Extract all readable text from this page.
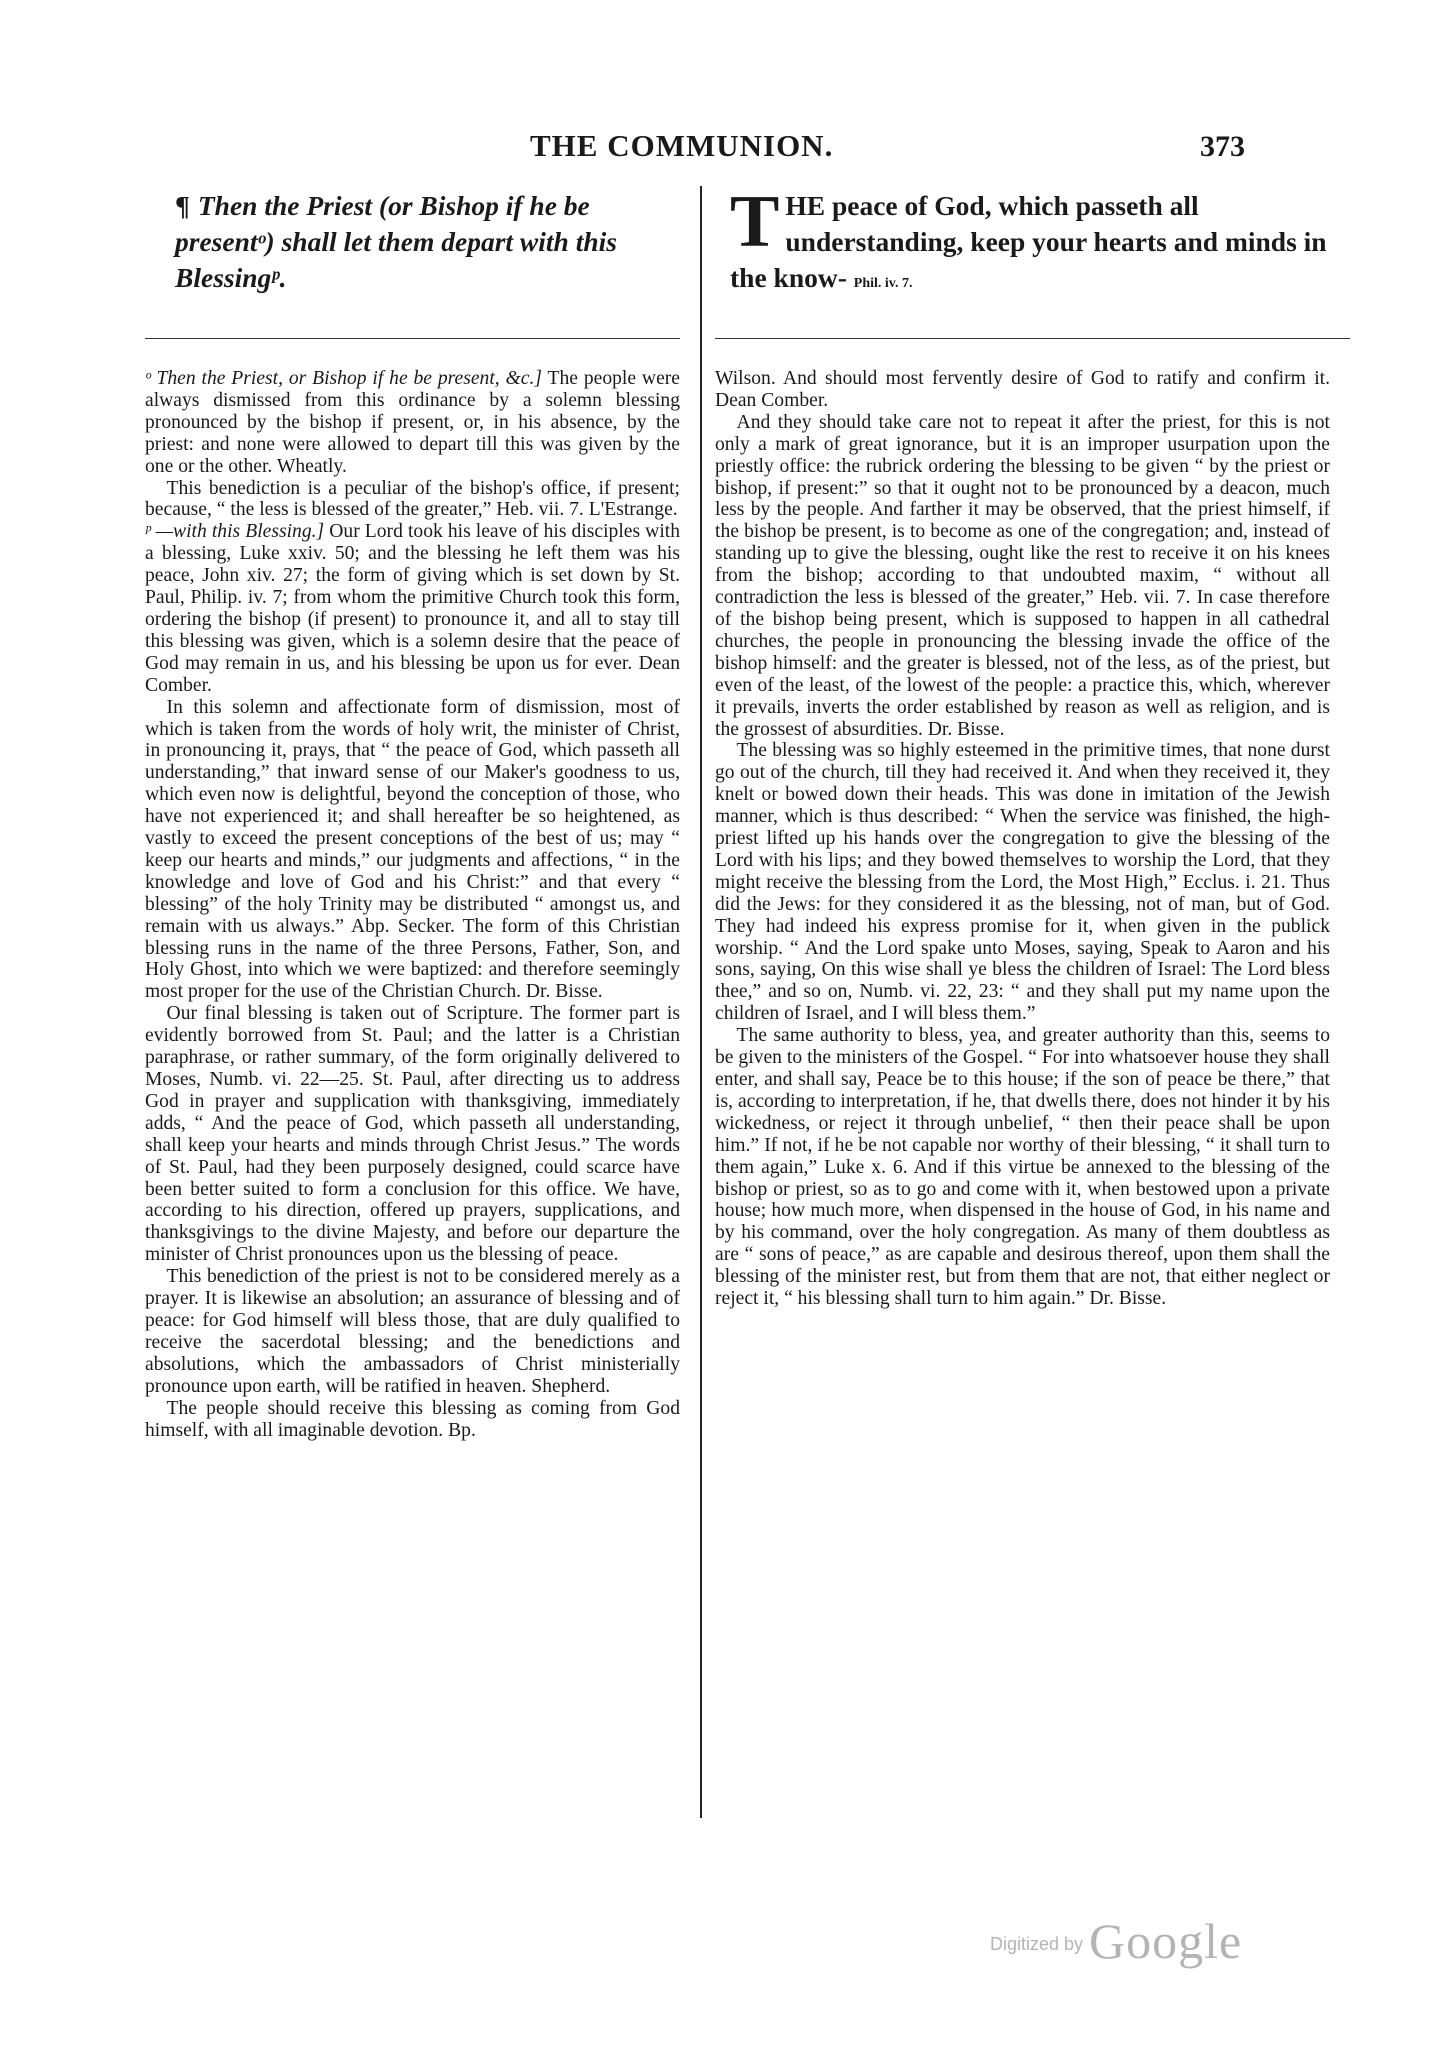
THE COMMUNION.	373
¶ Then the Priest (or Bishop if he be presentᵒ) shall let them depart with this Blessingᵖ.
THE peace of God, which passeth all understanding, keep your hearts and minds in the know- Phil. iv. 7.

ᵒ Then the Priest, or Bishop if he be present, &c.] The people were always dismissed from this ordinance by a solemn blessing pronounced by the bishop if present, or, in his absence, by the priest: and none were allowed to depart till this was given by the one or the other. Wheatly.

This benediction is a peculiar of the bishop's office, if present; because, “ the less is blessed of the greater,” Heb. vii. 7. L'Estrange.

ᵖ —with this Blessing.] Our Lord took his leave of his disciples with a blessing, Luke xxiv. 50; and the blessing he left them was his peace, John xiv. 27; the form of giving which is set down by St. Paul, Philip. iv. 7; from whom the primitive Church took this form, ordering the bishop (if present) to pronounce it, and all to stay till this blessing was given, which is a solemn desire that the peace of God may remain in us, and his blessing be upon us for ever. Dean Comber.

In this solemn and affectionate form of dismission, most of which is taken from the words of holy writ, the minister of Christ, in pronouncing it, prays, that “ the peace of God, which passeth all understanding,” that inward sense of our Maker's goodness to us, which even now is delightful, beyond the conception of those, who have not experienced it; and shall hereafter be so heightened, as vastly to exceed the present conceptions of the best of us; may “ keep our hearts and minds,” our judgments and affections, “ in the knowledge and love of God and his Christ:” and that every “ blessing” of the holy Trinity may be distributed “ amongst us, and remain with us always.” Abp. Secker. The form of this Christian blessing runs in the name of the three Persons, Father, Son, and Holy Ghost, into which we were baptized: and therefore seemingly most proper for the use of the Christian Church. Dr. Bisse.

Our final blessing is taken out of Scripture. The former part is evidently borrowed from St. Paul; and the latter is a Christian paraphrase, or rather summary, of the form originally delivered to Moses, Numb. vi. 22—25. St. Paul, after directing us to address God in prayer and supplication with thanksgiving, immediately adds, “ And the peace of God, which passeth all understanding, shall keep your hearts and minds through Christ Jesus.” The words of St. Paul, had they been purposely designed, could scarce have been better suited to form a conclusion for this office. We have, according to his direction, offered up prayers, supplications, and thanksgivings to the divine Majesty, and before our departure the minister of Christ pronounces upon us the blessing of peace.

This benediction of the priest is not to be considered merely as a prayer. It is likewise an absolution; an assurance of blessing and of peace: for God himself will bless those, that are duly qualified to receive the sacerdotal blessing; and the benedictions and absolutions, which the ambassadors of Christ ministerially pronounce upon earth, will be ratified in heaven. Shepherd.

The people should receive this blessing as coming from God himself, with all imaginable devotion. Bp.

Wilson. And should most fervently desire of God to ratify and confirm it. Dean Comber.

And they should take care not to repeat it after the priest, for this is not only a mark of great ignorance, but it is an improper usurpation upon the priestly office: the rubrick ordering the blessing to be given “ by the priest or bishop, if present:” so that it ought not to be pronounced by a deacon, much less by the people. And farther it may be observed, that the priest himself, if the bishop be present, is to become as one of the congregation; and, instead of standing up to give the blessing, ought like the rest to receive it on his knees from the bishop; according to that undoubted maxim, “ without all contradiction the less is blessed of the greater,” Heb. vii. 7. In case therefore of the bishop being present, which is supposed to happen in all cathedral churches, the people in pronouncing the blessing invade the office of the bishop himself: and the greater is blessed, not of the less, as of the priest, but even of the least, of the lowest of the people: a practice this, which, wherever it prevails, inverts the order established by reason as well as religion, and is the grossest of absurdities. Dr. Bisse.

The blessing was so highly esteemed in the primitive times, that none durst go out of the church, till they had received it. And when they received it, they knelt or bowed down their heads. This was done in imitation of the Jewish manner, which is thus described: “ When the service was finished, the high-priest lifted up his hands over the congregation to give the blessing of the Lord with his lips; and they bowed themselves to worship the Lord, that they might receive the blessing from the Lord, the Most High,” Ecclus. i. 21. Thus did the Jews: for they considered it as the blessing, not of man, but of God. They had indeed his express promise for it, when given in the publick worship. “ And the Lord spake unto Moses, saying, Speak to Aaron and his sons, saying, On this wise shall ye bless the children of Israel: The Lord bless thee,” and so on, Numb. vi. 22, 23: “ and they shall put my name upon the children of Israel, and I will bless them.”

The same authority to bless, yea, and greater authority than this, seems to be given to the ministers of the Gospel. “ For into whatsoever house they shall enter, and shall say, Peace be to this house; if the son of peace be there,” that is, according to interpretation, if he, that dwells there, does not hinder it by his wickedness, or reject it through unbelief, “ then their peace shall be upon him.” If not, if he be not capable nor worthy of their blessing, “ it shall turn to them again,” Luke x. 6. And if this virtue be annexed to the blessing of the bishop or priest, so as to go and come with it, when bestowed upon a private house; how much more, when dispensed in the house of God, in his name and by his command, over the holy congregation. As many of them doubtless as are “ sons of peace,” as are capable and desirous thereof, upon them shall the blessing of the minister rest, but from them that are not, that either neglect or reject it, “ his blessing shall turn to him again.” Dr. Bisse.

Digitized by Google
